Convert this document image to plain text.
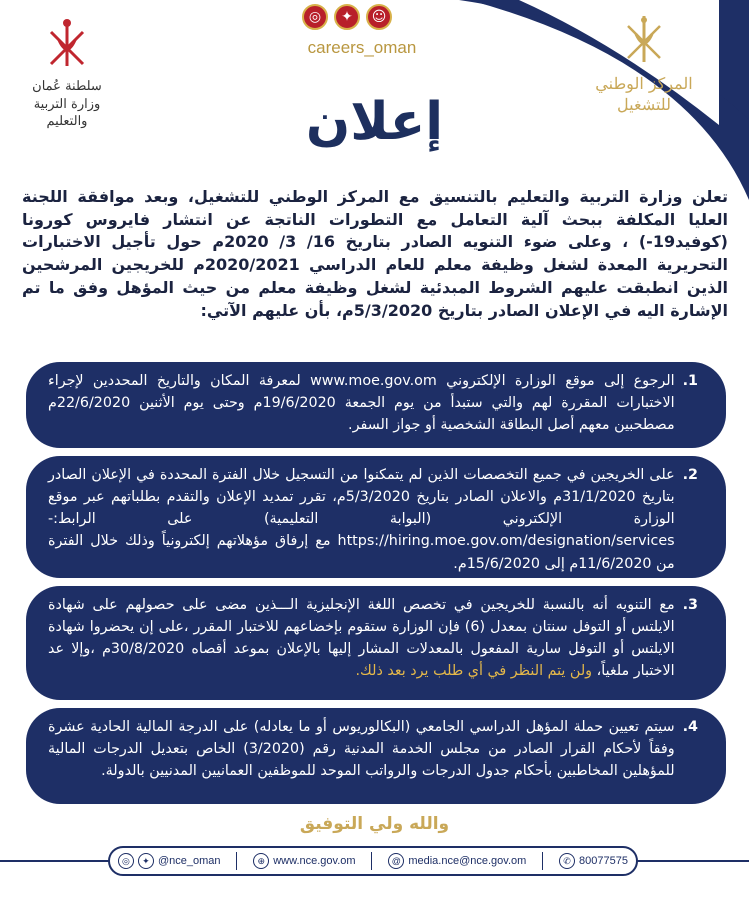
المركز الوطني
للتشغيل
سلطنة عُمان
وزارة التربية والتعليم
◎	✦	☺
careers_oman
إعلان
تعلن وزارة التربية والتعليم بالتنسيق مع المركز الوطني للتشغيل، وبعد موافقة اللجنة العليا المكلفة ببحث آلية التعامل مع التطورات الناتجة عن انتشار فايروس كورونا (كوفيد19-) ، وعلى ضوء التنويه الصادر بتاريخ 16/ 3/ 2020م حول تأجيل الاختبارات التحريرية المعدة لشغل وظيفة معلم للعام الدراسي 2020/2021م للخريجين المرشحين الذين انطبقت عليهم الشروط المبدئية لشغل وظيفة معلم من حيث المؤهل وفق ما تم الإشارة اليه في الإعلان الصادر بتاريخ 5/3/2020م، بأن عليهم الآتي:
1.
الرجوع إلى موقع الوزارة الإلكتروني www.moe.gov.om لمعرفة المكان والتاريخ المحددين لإجراء الاختبارات المقررة لهم والتي ستبدأ من يوم الجمعة 19/6/2020م وحتى يوم الأثنين 22/6/2020م مصطحبين معهم أصل البطاقة الشخصية أو جواز السفر.
2.
على الخريجين في جميع التخصصات الذين لم يتمكنوا من التسجيل خلال الفترة المحددة في الإعلان الصادر بتاريخ 31/1/2020م والاعلان الصادر بتاريخ 5/3/2020م، تقرر تمديد الإعلان والتقدم بطلباتهم عبر موقع الوزارة الإلكتروني (البوابة التعليمية) على الرابط:- https://hiring.moe.gov.om/designation/services مع إرفاق مؤهلاتهم إلكترونياً وذلك خلال الفترة من 11/6/2020م إلى 15/6/2020م.
3.
مع التنويه أنه بالنسبة للخريجين في تخصص اللغة الإنجليزية الـــذين مضى على حصولهم على شهادة الايلتس أو التوفل سنتان بمعدل (6) فإن الوزارة ستقوم بإخضاعهم للاختبار المقرر ،على إن يحضروا شهادة الايلتس أو التوفل سارية المفعول بالمعدلات المشار إليها بالإعلان بموعد أقصاه 30/8/2020م ،وإلا عد الاختبار ملغياً، ولن يتم النظر في أي طلب يرد بعد ذلك.
4.
سيتم تعيين حملة المؤهل الدراسي الجامعي (البكالوريوس أو ما يعادله) على الدرجة المالية الحادية عشرة وفقاً لأحكام القرار الصادر من مجلس الخدمة المدنية رقم (3/2020) الخاص بتعديل الدرجات المالية للمؤهلين المخاطبين بأحكام جدول الدرجات والرواتب الموحد للموظفين العمانيين المدنيين بالدولة.
والله ولي التوفيق
◎	✦ @nce_oman	⊕ www.nce.gov.om	@ media.nce@nce.gov.om	✆ 80077575
